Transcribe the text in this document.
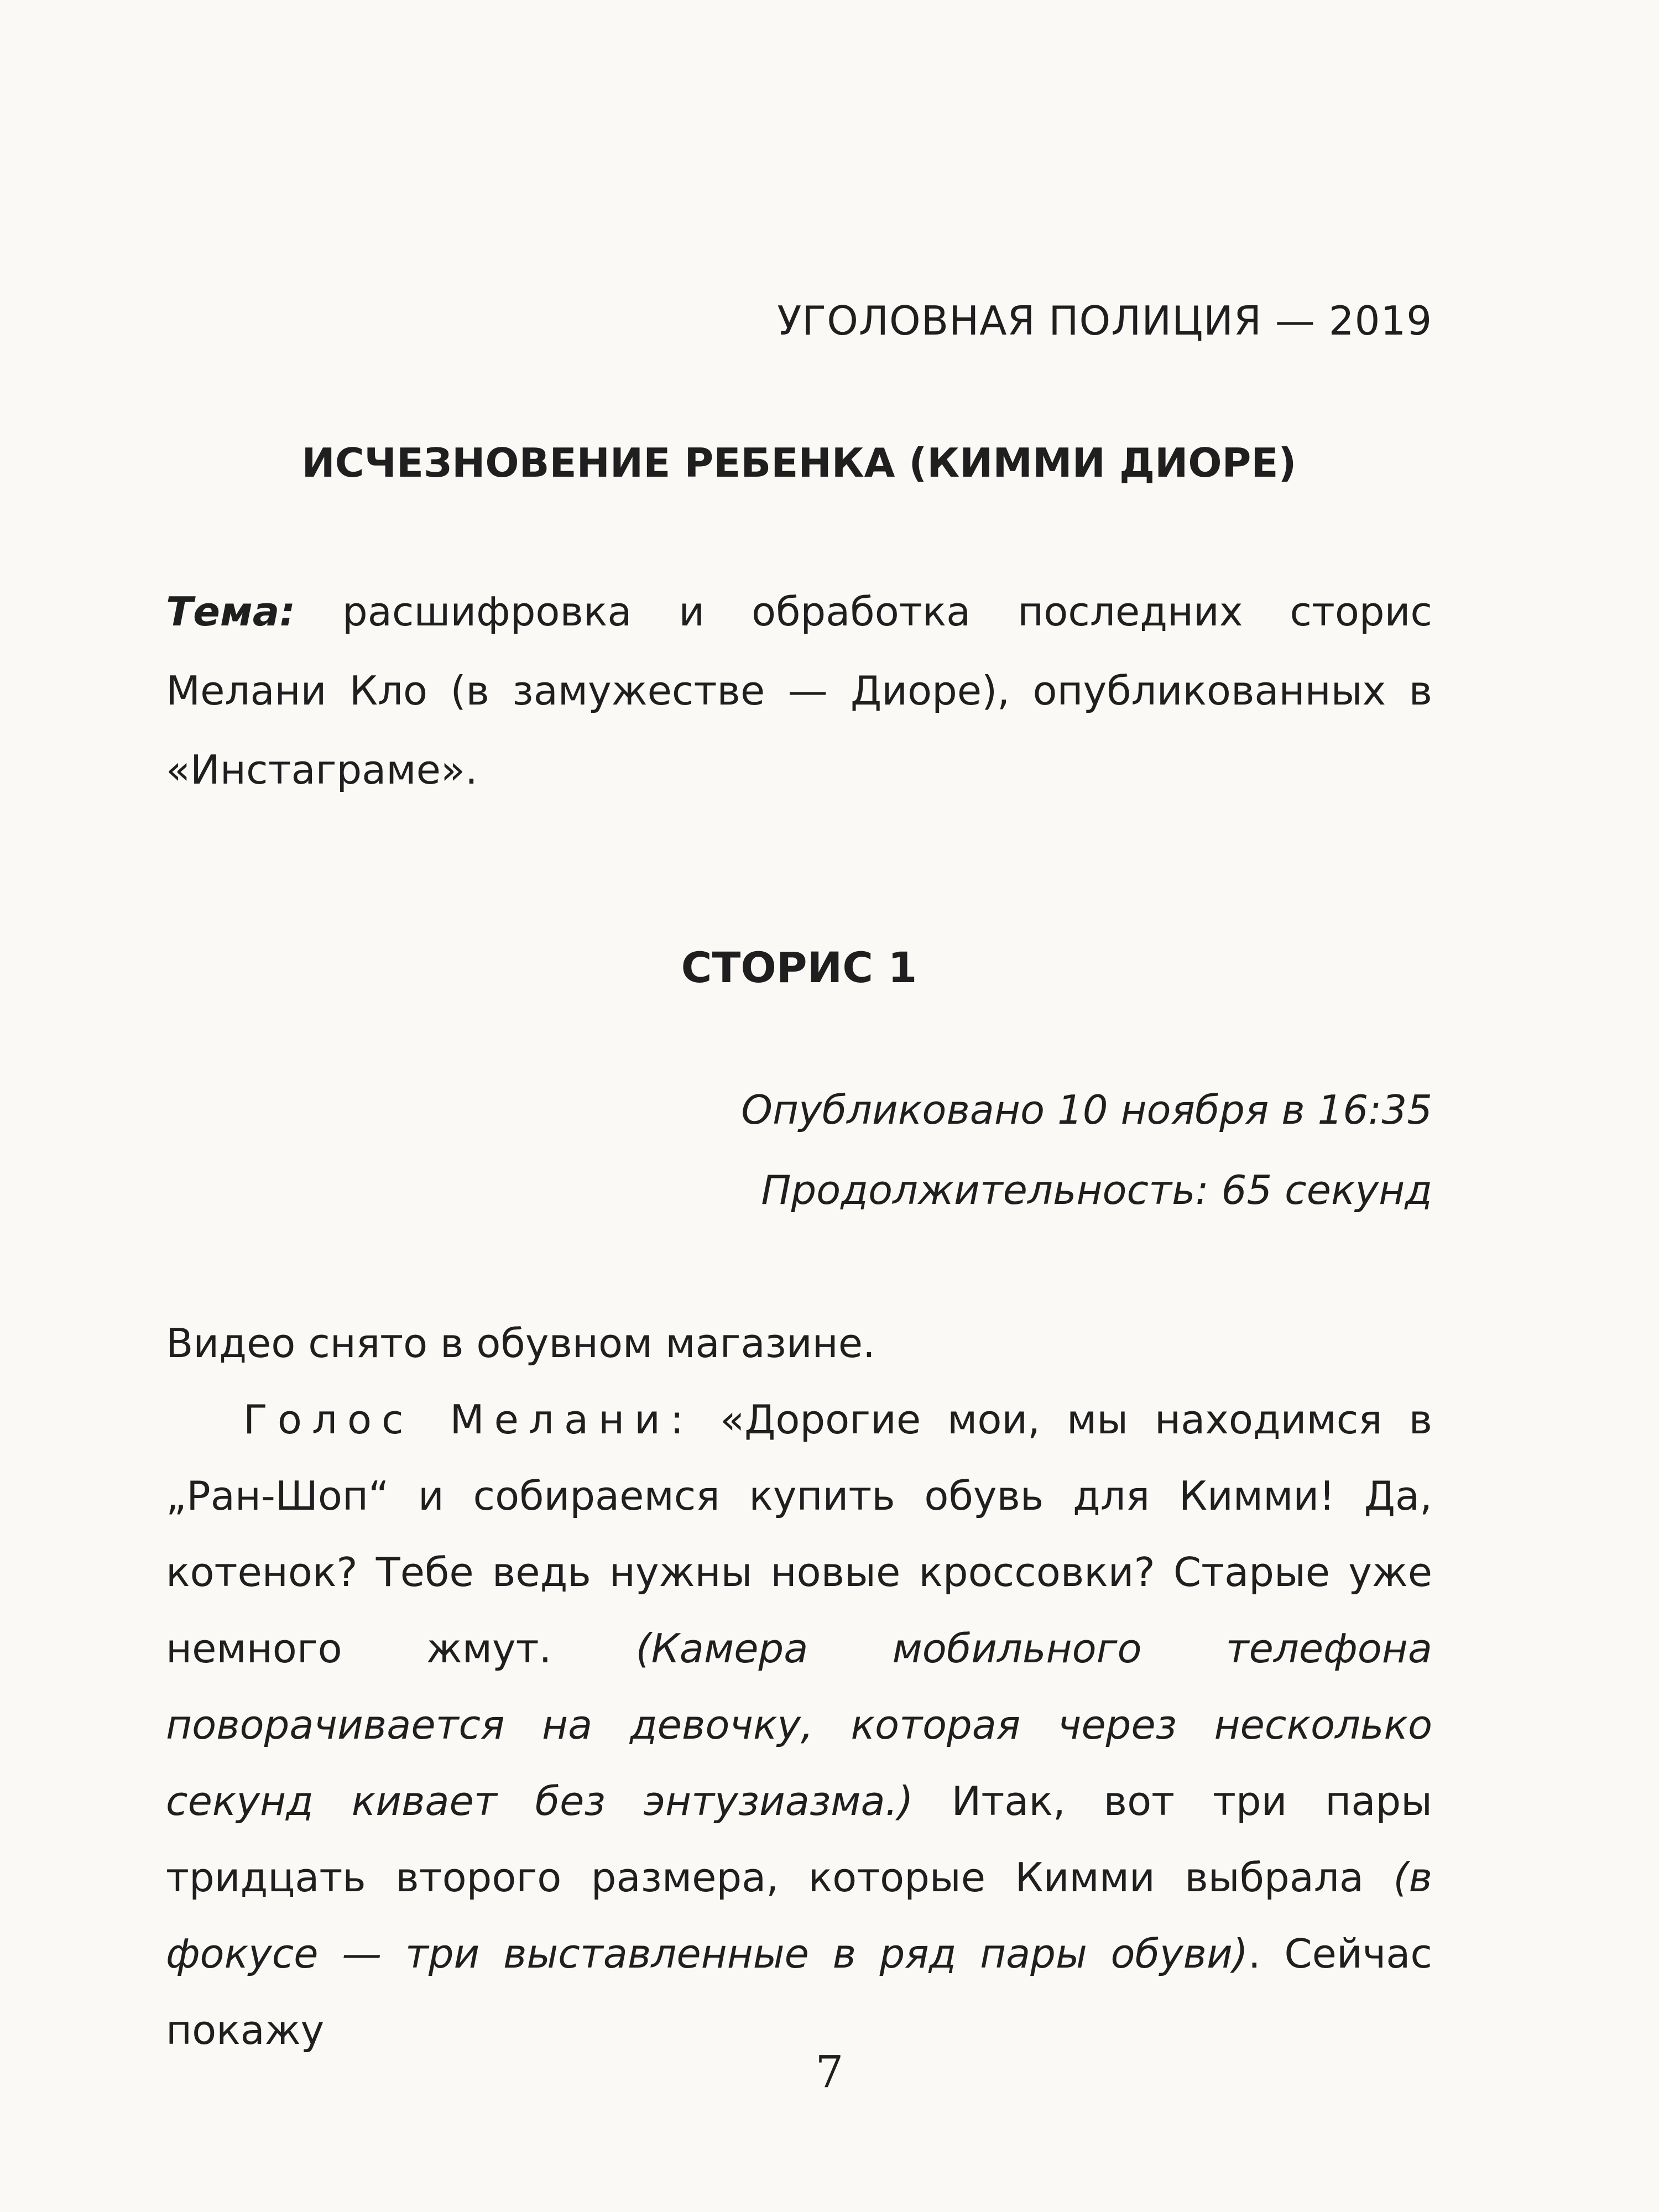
УГОЛОВНАЯ ПОЛИЦИЯ — 2019
ИСЧЕЗНОВЕНИЕ РЕБЕНКА (КИММИ ДИОРЕ)
Тема: расшифровка и обработка последних сторис Мелани Кло (в замужестве — Диоре), опубликованных в «Инстаграме».
СТОРИС 1
Опубликовано 10 ноября в 16:35
Продолжительность: 65 секунд

Видео снято в обувном магазине.

Голос Мелани: «Дорогие мои, мы находимся в „Ран-Шоп“ и собираемся купить обувь для Кимми! Да, котенок? Тебе ведь нужны новые кроссовки? Старые уже немного жмут. (Камера мобильного телефона поворачивается на девочку, которая через несколько секунд кивает без энтузиазма.) Итак, вот три пары тридцать второго размера, которые Кимми выбрала (в фокусе — три выставленные в ряд пары обуви). Сейчас покажу

7
